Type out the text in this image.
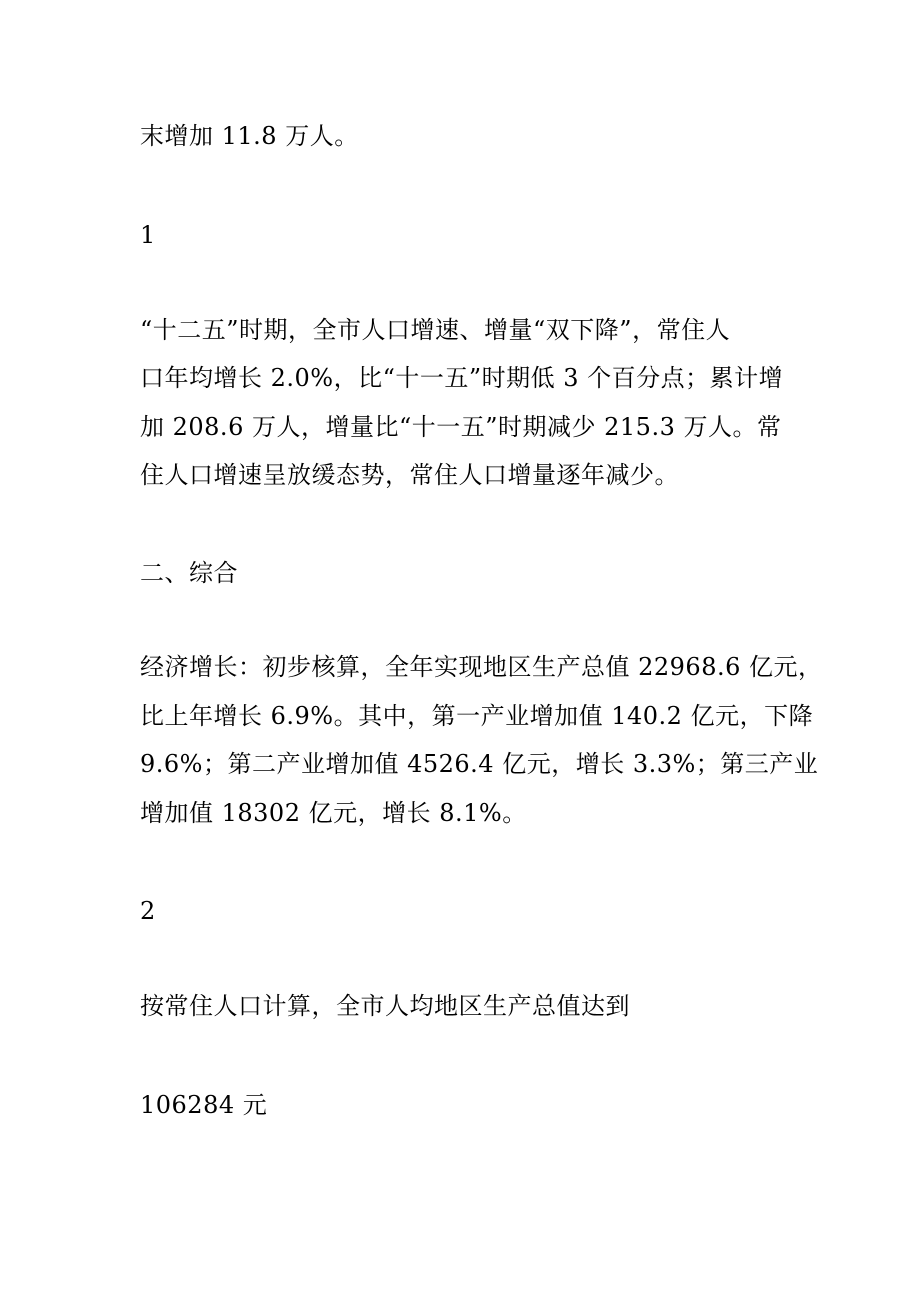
末增加 11.8 万人。

1

“十二五”时期，全市人口增速、增量“双下降”，常住人

口年均增长 2.0%，比“十一五”时期低 3 个百分点；累计增

加 208.6 万人，增量比“十一五”时期减少 215.3 万人。常

住人口增速呈放缓态势，常住人口增量逐年减少。

二、综合

经济增长：初步核算，全年实现地区生产总值 22968.6 亿元，

比上年增长 6.9%。其中，第一产业增加值 140.2 亿元，下降

9.6%；第二产业增加值 4526.4 亿元，增长 3.3%；第三产业

增加值 18302 亿元，增长 8.1%。

2

按常住人口计算，全市人均地区生产总值达到

106284 元
